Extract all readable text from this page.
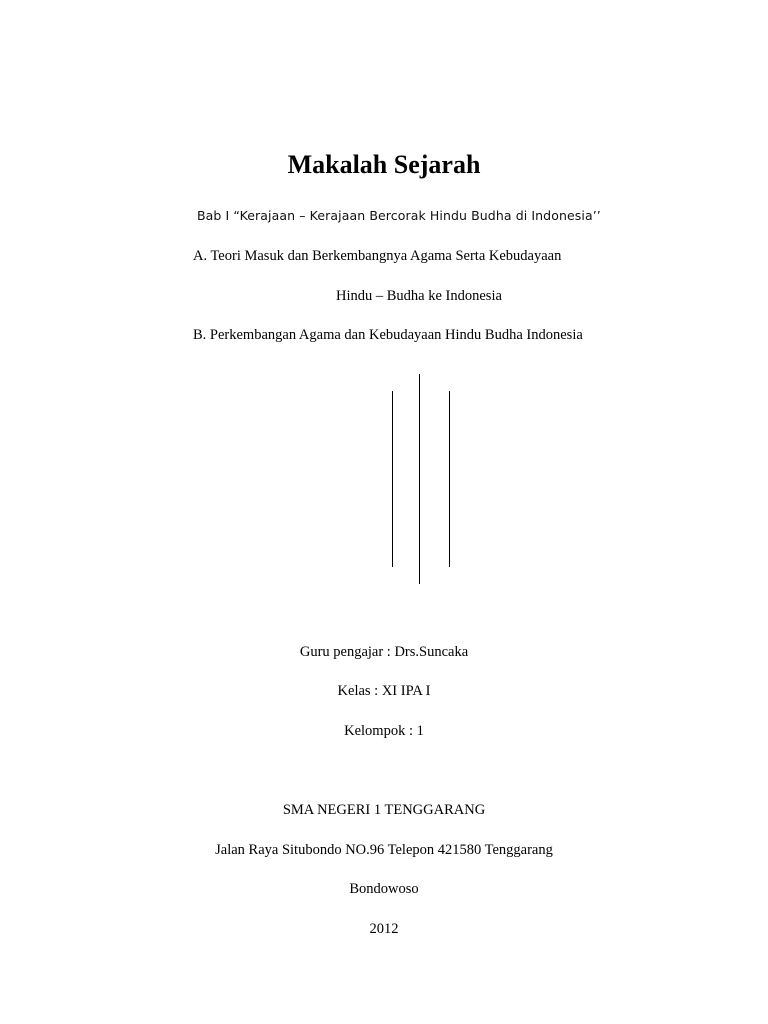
Makalah Sejarah
Bab I “Kerajaan – Kerajaan Bercorak Hindu Budha di Indonesia’’
A. Teori Masuk dan Berkembangnya Agama Serta Kebudayaan
Hindu – Budha ke Indonesia
B. Perkembangan Agama dan Kebudayaan Hindu Budha Indonesia
Guru pengajar : Drs.Suncaka
Kelas : XI IPA I
Kelompok : 1
SMA NEGERI 1 TENGGARANG
Jalan Raya Situbondo NO.96 Telepon 421580 Tenggarang
Bondowoso
2012
